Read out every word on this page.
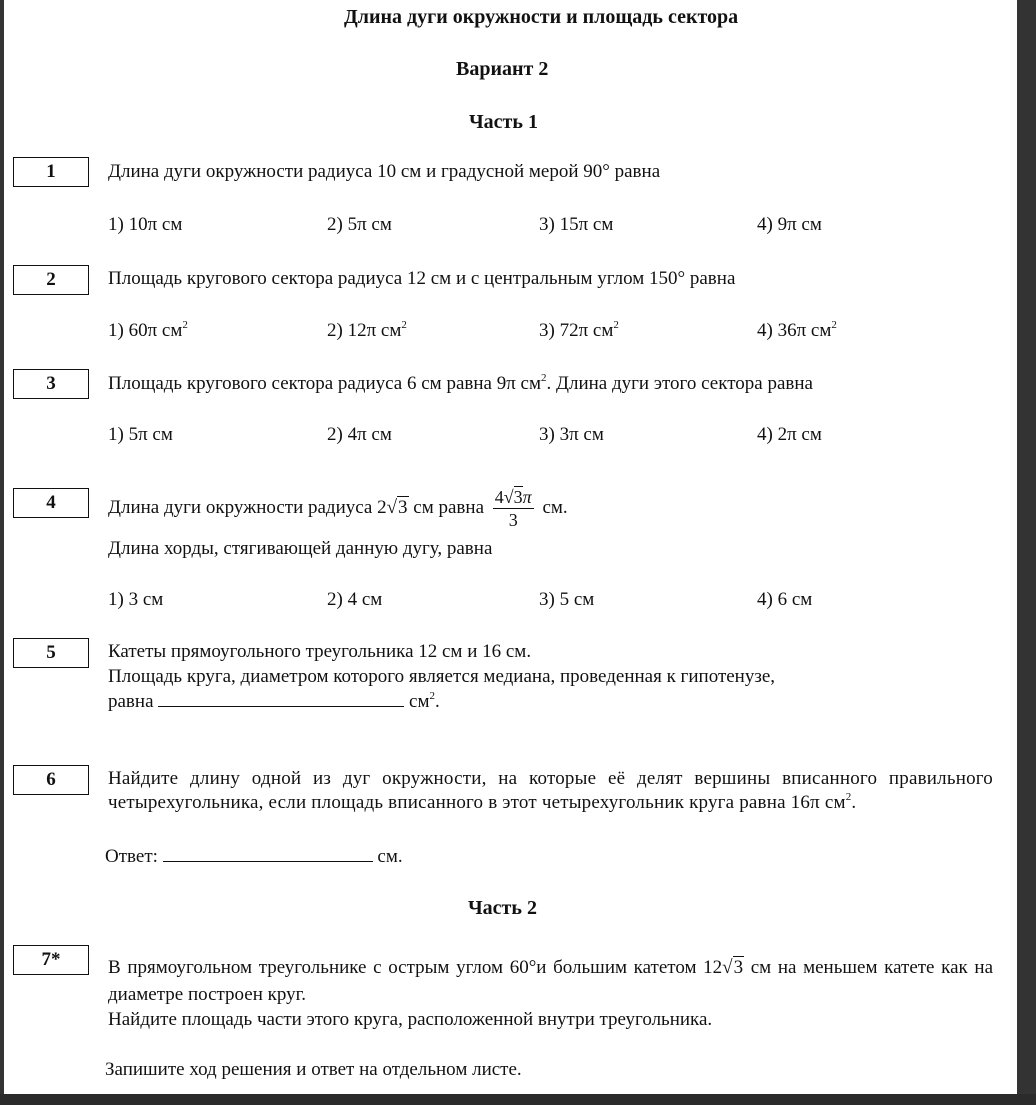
Длина дуги окружности и площадь сектора
Вариант 2
Часть 1
1	Длина дуги окружности радиуса 10 см и градусной мерой 90° равна
1) 10π см	2) 5π см	3) 15π см	4) 9π см
2	Площадь кругового сектора радиуса 12 см и с центральным углом 150° равна
1) 60π $см^2$	2) 12π $см^2$	3) 72π $см^2$	4) 36π $см^2$
3	Площадь кругового сектора радиуса 6 см равна 9π $см^2$. Длина дуги этого сектора равна
1) 5π см	2) 4π см	3) 3π см	4) 2π см
4	Длина дуги окружности радиуса 2√3 см равна $\frac{4√3\pi}{3}$ см.
Длина хорды, стягивающей данную дугу, равна
1) 3 см	2) 4 см	3) 5 см	4) 6 см
5	Катеты прямоугольного треугольника 12 см и 16 см.
Площадь круга, диаметром которого является медиана, проведенная к гипотенузе,
равна	$см^2$.
6	Найдите длину одной из дуг окружности, на которые её делят вершины вписанного правильного четырехугольника, если площадь вписанного в этот четырехугольник круга равна 16π $см^2$.
Ответ:	см.
Часть 2
7*	В прямоугольном треугольнике с острым углом 60°и большим катетом 12√3 см на меньшем катете как на диаметре построен круг.
Найдите площадь части этого круга, расположенной внутри треугольника.
Запишите ход решения и ответ на отдельном листе.
